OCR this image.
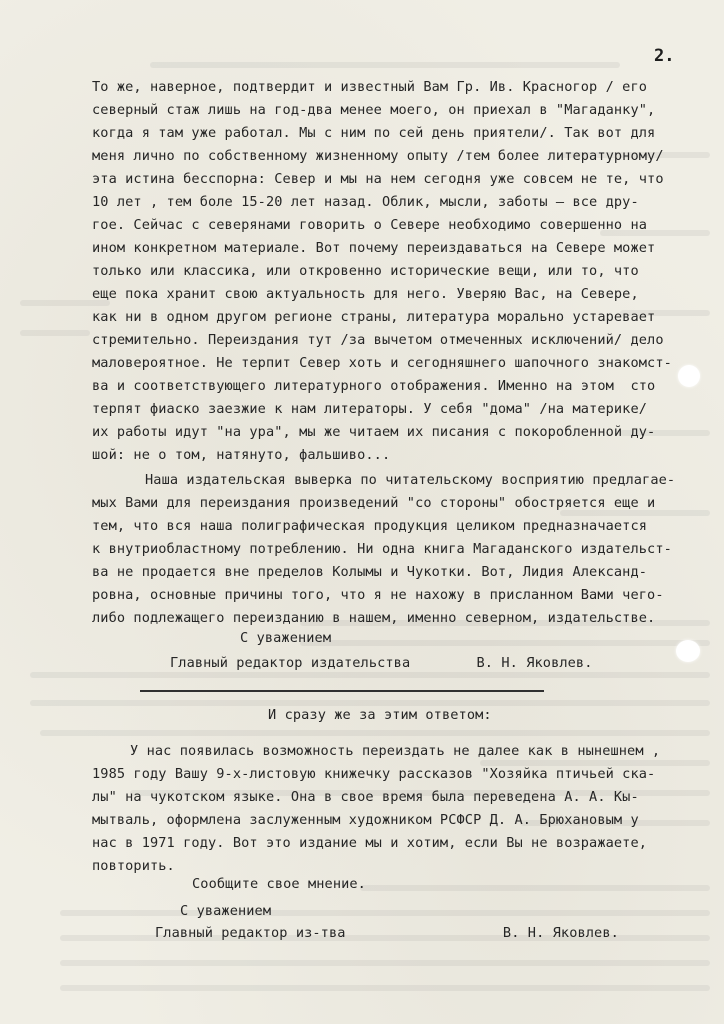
2.
То же, наверное, подтвердит и известный Вам Гр. Ив. Красногор / его
северный стаж лишь на год-два менее моего, он приехал в "Магаданку",
когда я там уже работал. Мы с ним по сей день приятели/. Так вот для
меня лично по собственному жизненному опыту /тем более литературному/
эта истина бесспорна: Север и мы на нем сегодня уже совсем не те, что
10 лет , тем боле 15-20 лет назад. Облик, мысли, заботы — все дру-
гое. Сейчас с северянами говорить о Севере необходимо совершенно на
ином конкретном материале. Вот почему переиздаваться на Севере может
только или классика, или откровенно исторические вещи, или то, что
еще пока хранит свою актуальность для него. Уверяю Вас, на Севере,
как ни в одном другом регионе страны, литература морально устаревает
стремительно. Переиздания тут /за вычетом отмеченных исключений/ дело
маловероятное. Не терпит Север хоть и сегодняшнего шапочного знакомст-
ва и соответствующего литературного отображения. Именно на этом  сто
терпят фиаско заезжие к нам литераторы. У себя "дома" /на материке/
их работы идут "на ура", мы же читаем их писания с покоробленной ду-
шой: не о том, натянуто, фальшиво...
Наша издательская выверка по читательскому восприятию предлагае-
мых Вами для переиздания произведений "со стороны" обостряется еще и
тем, что вся наша полиграфическая продукция целиком предназначается
к внутриобластному потреблению. Ни одна книга Магаданского издательст-
ва не продается вне пределов Колымы и Чукотки. Вот, Лидия Александ-
ровна, основные причины того, что я не нахожу в присланном Вами чего-
либо подлежащего переизданию в нашем, именно северном, издательстве.
С уважением
Главный редактор издательства        В. Н. Яковлев.
И сразу же за этим ответом:
У нас появилась возможность переиздать не далее как в нынешнем ,
1985 году Вашу 9-х-листовую книжечку рассказов "Хозяйка птичьей ска-
лы" на чукотском языке. Она в свое время была переведена А. А. Кы-
мытваль, оформлена заслуженным художником РСФСР Д. А. Брюхановым у
нас в 1971 году. Вот это издание мы и хотим, если Вы не возражаете,
повторить.
Сообщите свое мнение.
С уважением
Главный редактор из-тва                   В. Н. Яковлев.
